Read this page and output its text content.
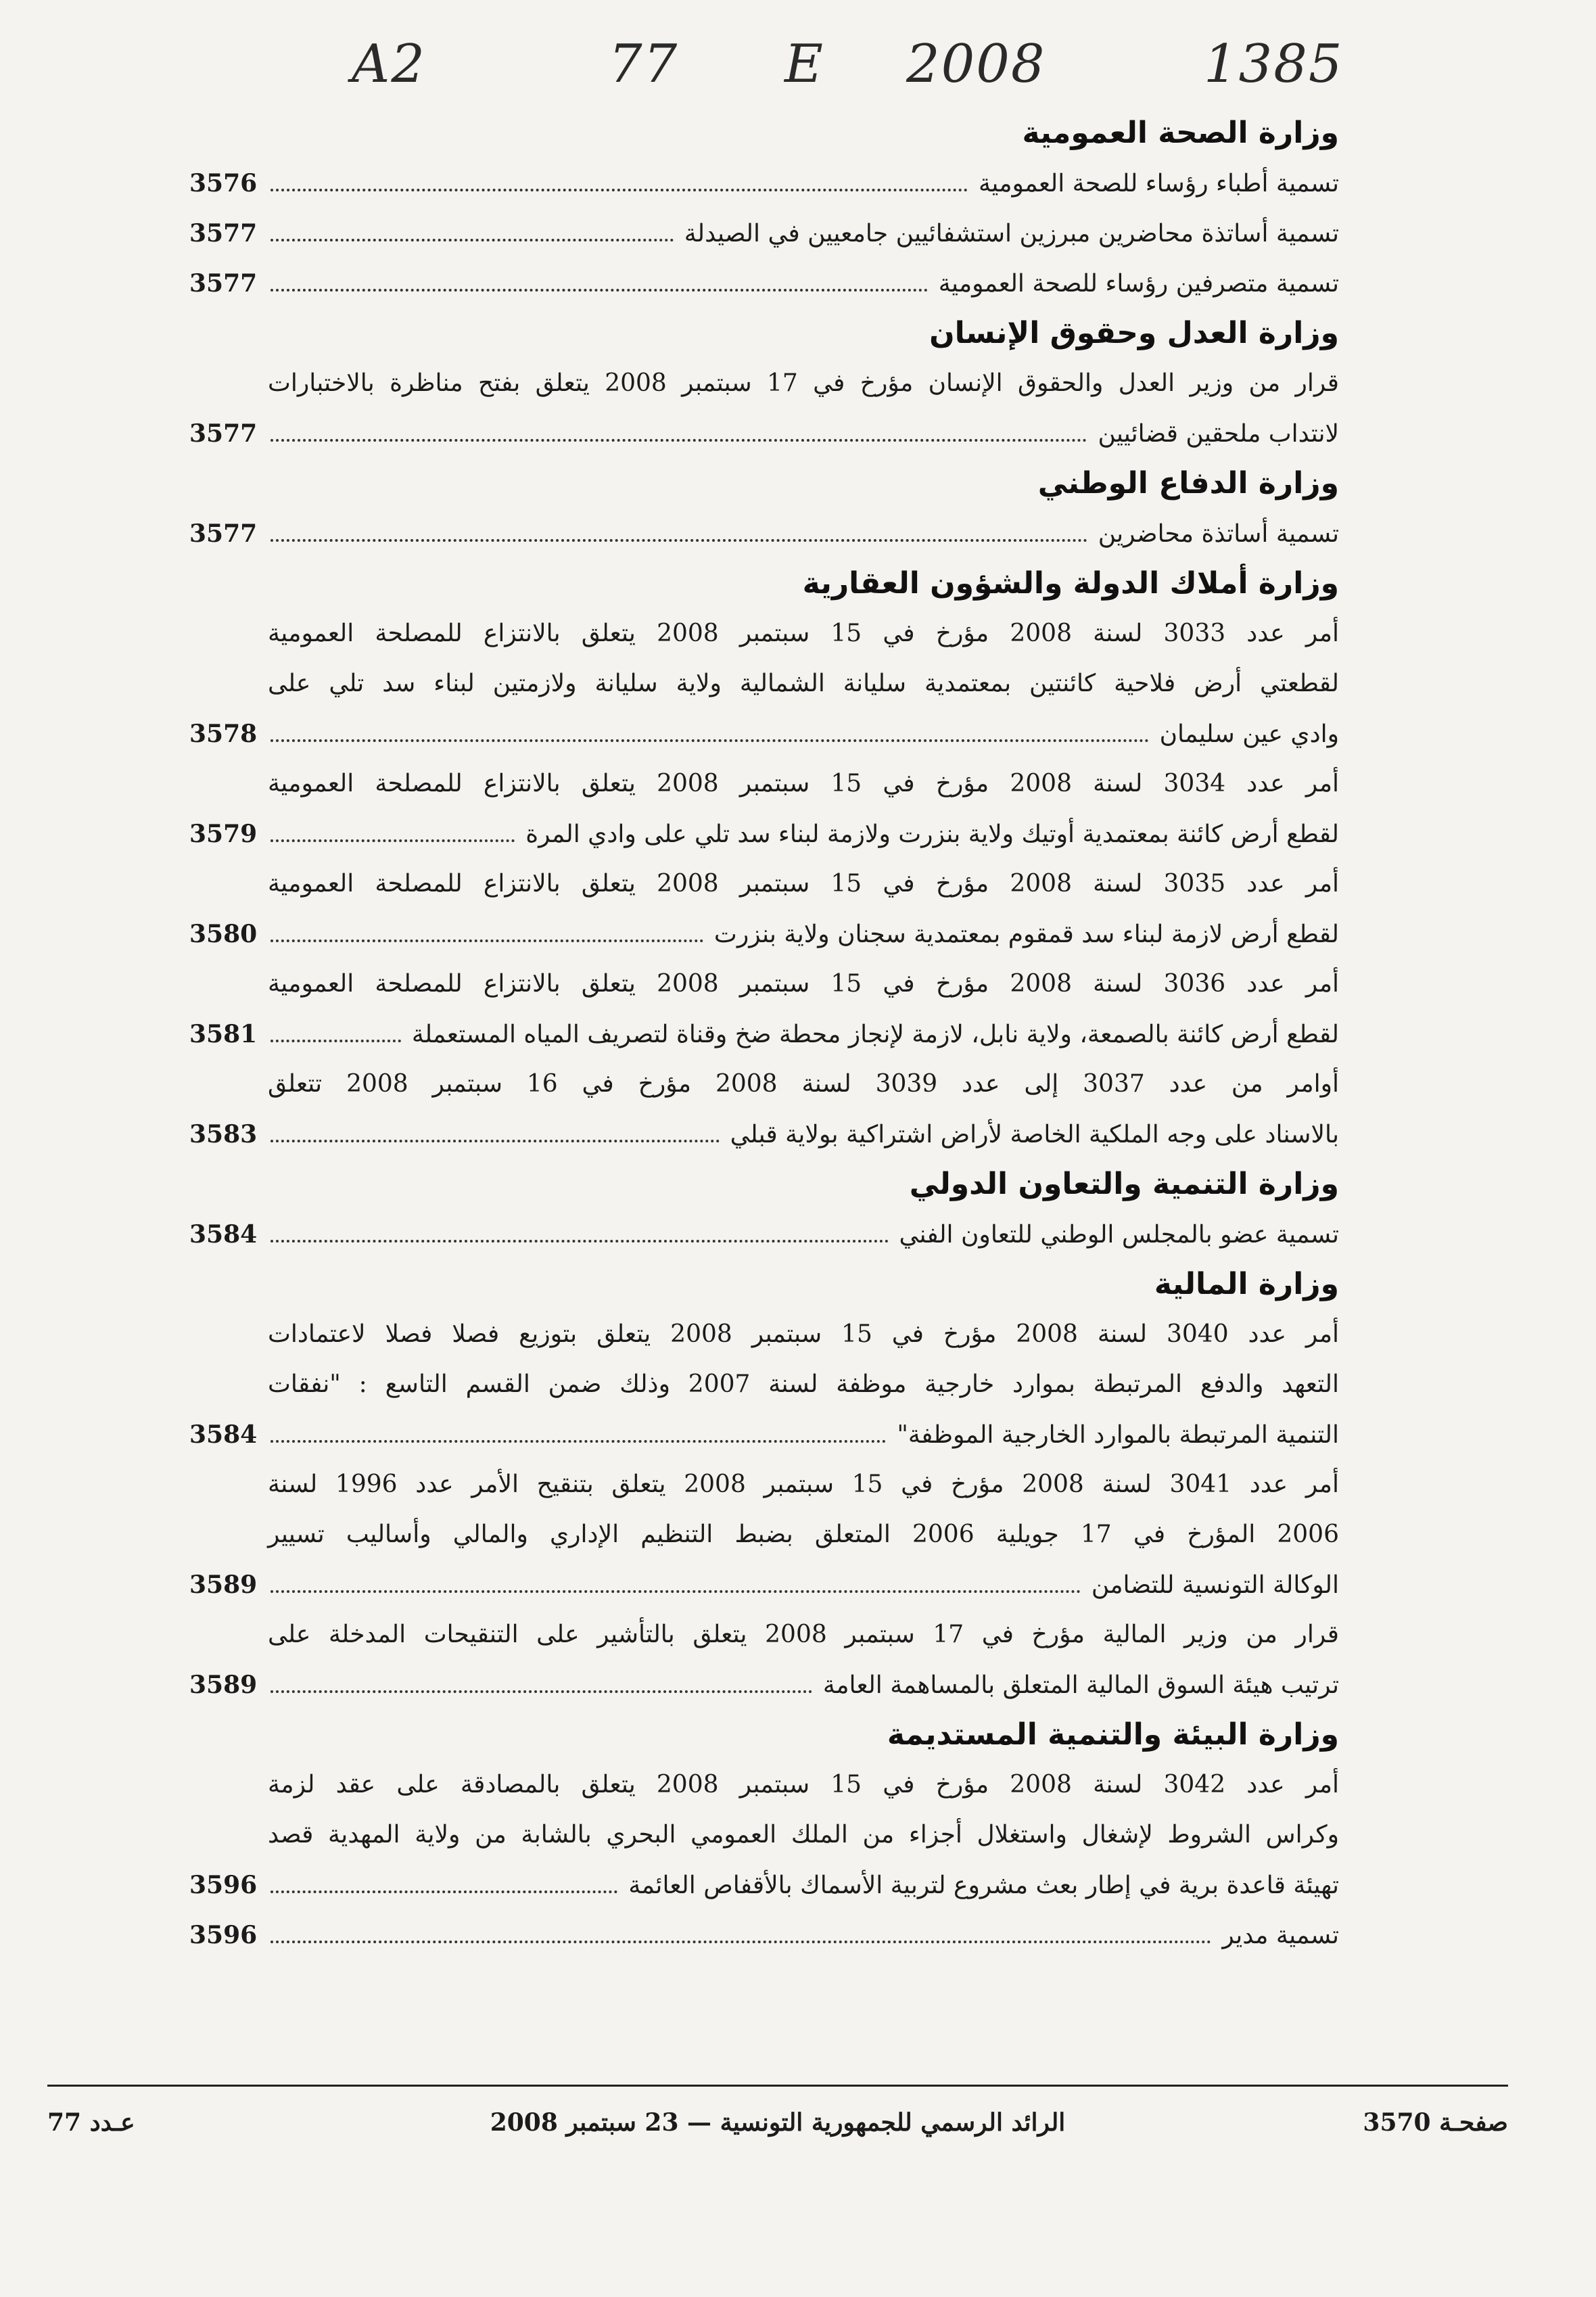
A2	77 E 2008	1385
وزارة الصحة العمومية
تسمية أطباء رؤساء للصحة العمومية
3576
تسمية أساتذة محاضرين مبرزين استشفائيين جامعيين في الصيدلة
3577
تسمية متصرفين رؤساء للصحة العمومية
3577
وزارة العدل وحقوق الإنسان
قرار من وزير العدل والحقوق الإنسان مؤرخ في 17 سبتمبر 2008 يتعلق بفتح مناظرة بالاختبارات
لانتداب ملحقين قضائيين
3577
وزارة الدفاع الوطني
تسمية أساتذة محاضرين
3577
وزارة أملاك الدولة والشؤون العقارية
أمر عدد 3033 لسنة 2008 مؤرخ في 15 سبتمبر 2008 يتعلق بالانتزاع للمصلحة العمومية
لقطعتي أرض فلاحية كائنتين بمعتمدية سليانة الشمالية ولاية سليانة ولازمتين لبناء سد تلي على
وادي عين سليمان
3578
أمر عدد 3034 لسنة 2008 مؤرخ في 15 سبتمبر 2008 يتعلق بالانتزاع للمصلحة العمومية
لقطع أرض كائنة بمعتمدية أوتيك ولاية بنزرت ولازمة لبناء سد تلي على وادي المرة
3579
أمر عدد 3035 لسنة 2008 مؤرخ في 15 سبتمبر 2008 يتعلق بالانتزاع للمصلحة العمومية
لقطع أرض لازمة لبناء سد قمقوم بمعتمدية سجنان ولاية بنزرت
3580
أمر عدد 3036 لسنة 2008 مؤرخ في 15 سبتمبر 2008 يتعلق بالانتزاع للمصلحة العمومية
لقطع أرض كائنة بالصمعة، ولاية نابل، لازمة لإنجاز محطة ضخ وقناة لتصريف المياه المستعملة
3581
أوامر من عدد 3037 إلى عدد 3039 لسنة 2008 مؤرخ في 16 سبتمبر 2008 تتعلق
بالاسناد على وجه الملكية الخاصة لأراض اشتراكية بولاية قبلي
3583
وزارة التنمية والتعاون الدولي
تسمية عضو بالمجلس الوطني للتعاون الفني
3584
وزارة المالية
أمر عدد 3040 لسنة 2008 مؤرخ في 15 سبتمبر 2008 يتعلق بتوزيع فصلا فصلا لاعتمادات
التعهد والدفع المرتبطة بموارد خارجية موظفة لسنة 2007 وذلك ضمن القسم التاسع : "نفقات
التنمية المرتبطة بالموارد الخارجية الموظفة"
3584
أمر عدد 3041 لسنة 2008 مؤرخ في 15 سبتمبر 2008 يتعلق بتنقيح الأمر عدد 1996 لسنة
2006 المؤرخ في 17 جويلية 2006 المتعلق بضبط التنظيم الإداري والمالي وأساليب تسيير
الوكالة التونسية للتضامن
3589
قرار من وزير المالية مؤرخ في 17 سبتمبر 2008 يتعلق بالتأشير على التنقيحات المدخلة على
ترتيب هيئة السوق المالية المتعلق بالمساهمة العامة
3589
وزارة البيئة والتنمية المستديمة
أمر عدد 3042 لسنة 2008 مؤرخ في 15 سبتمبر 2008 يتعلق بالمصادقة على عقد لزمة
وكراس الشروط لإشغال واستغلال أجزاء من الملك العمومي البحري بالشابة من ولاية المهدية قصد
تهيئة قاعدة برية في إطار بعث مشروع لتربية الأسماك بالأقفاص العائمة
3596
تسمية مدير
3596
صفحـة 3570
الرائد الرسمي للجمهورية التونسية — 23 سبتمبر 2008
عـدد 77
